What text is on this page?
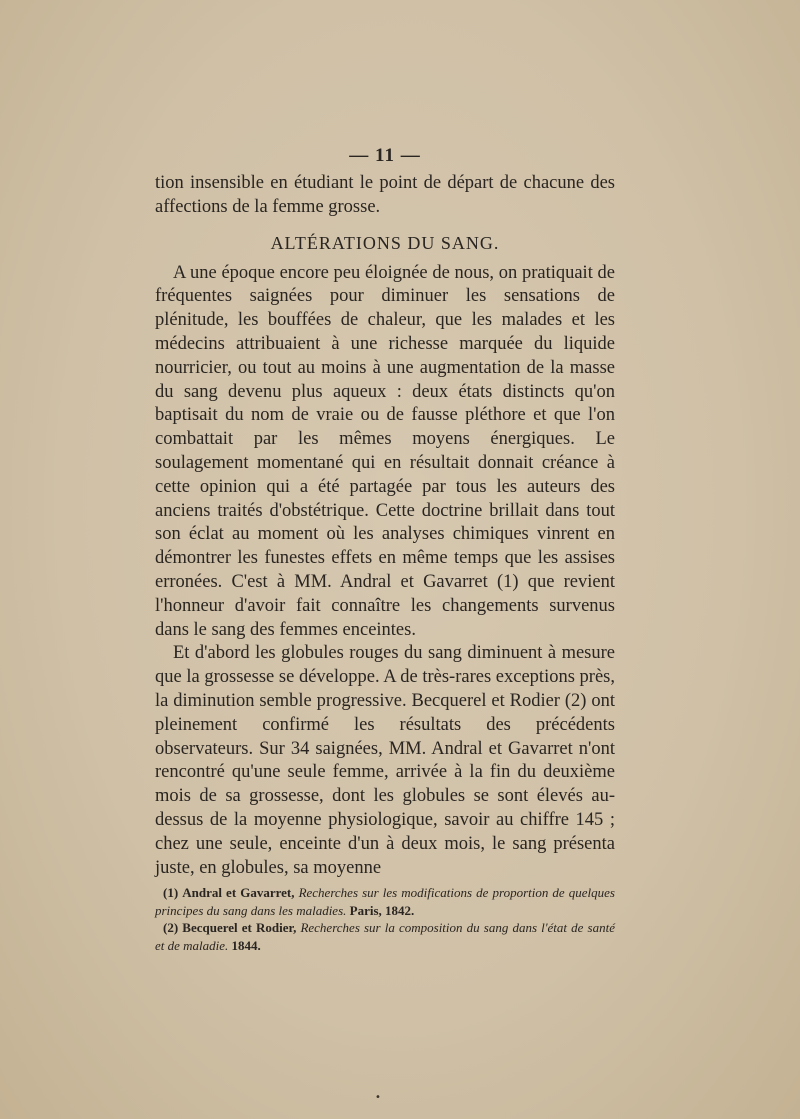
— 11 —

tion insensible en étudiant le point de départ de chacune des affections de la femme grosse.

ALTÉRATIONS DU SANG.

A une époque encore peu éloignée de nous, on pratiquait de fréquentes saignées pour diminuer les sensations de plénitude, les bouffées de chaleur, que les malades et les médecins attribuaient à une richesse marquée du liquide nourricier, ou tout au moins à une augmentation de la masse du sang devenu plus aqueux : deux états distincts qu'on baptisait du nom de vraie ou de fausse pléthore et que l'on combattait par les mêmes moyens énergiques. Le soulagement momentané qui en résultait donnait créance à cette opinion qui a été partagée par tous les auteurs des anciens traités d'obstétrique. Cette doctrine brillait dans tout son éclat au moment où les analyses chimiques vinrent en démontrer les funestes effets en même temps que les assises erronées. C'est à MM. Andral et Gavarret (1) que revient l'honneur d'avoir fait connaître les changements survenus dans le sang des femmes enceintes.

Et d'abord les globules rouges du sang diminuent à mesure que la grossesse se développe. A de très-rares exceptions près, la diminution semble progressive. Becquerel et Rodier (2) ont pleinement confirmé les résultats des précédents observateurs. Sur 34 saignées, MM. Andral et Gavarret n'ont rencontré qu'une seule femme, arrivée à la fin du deuxième mois de sa grossesse, dont les globules se sont élevés au-dessus de la moyenne physiologique, savoir au chiffre 145 ; chez une seule, enceinte d'un à deux mois, le sang présenta juste, en globules, sa moyenne

(1) Andral et Gavarret, Recherches sur les modifications de proportion de quelques principes du sang dans les maladies. Paris, 1842.

(2) Becquerel et Rodier, Recherches sur la composition du sang dans l'état de santé et de maladie. 1844.

•
